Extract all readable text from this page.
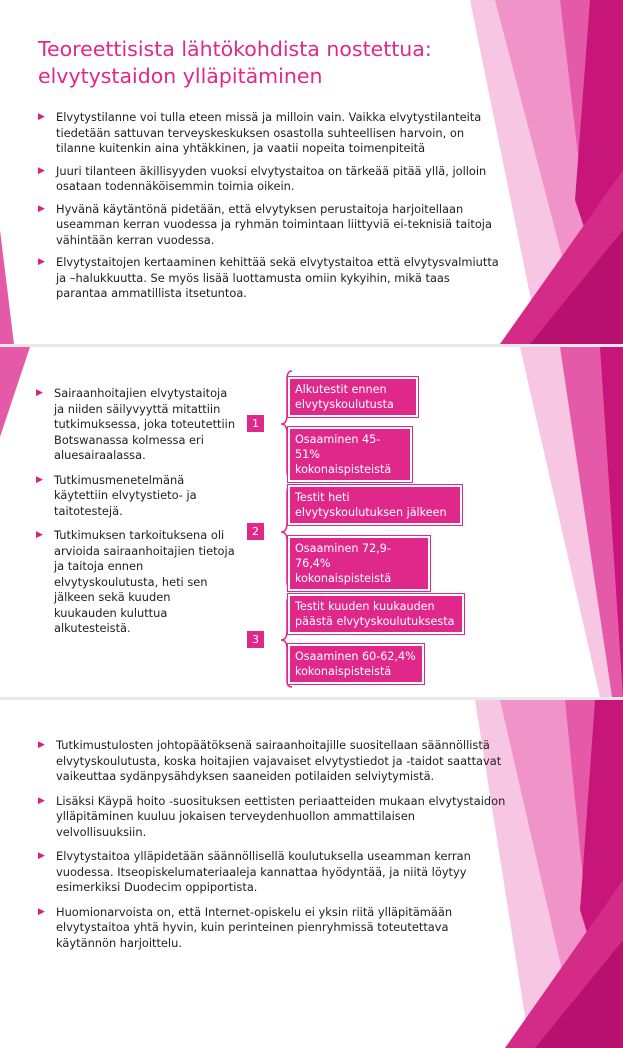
Teoreettisista lähtökohdista nostettua: elvytystaidon ylläpitäminen
▶ Elvytystilanne voi tulla eteen missä ja milloin vain. Vaikka elvytystilanteita tiedetään sattuvan terveyskeskuksen osastolla suhteellisen harvoin, on tilanne kuitenkin aina yhtäkkinen, ja vaatii nopeita toimenpiteitä
▶ Juuri tilanteen äkillisyyden vuoksi elvytystaitoa on tärkeää pitää yllä, jolloin osataan todennäköisemmin toimia oikein.
▶ Hyvänä käytäntönä pidetään, että elvytyksen perustaitoja harjoitellaan useamman kerran vuodessa ja ryhmän toimintaan liittyviä ei-teknisiä taitoja vähintään kerran vuodessa.
▶ Elvytystaitojen kertaaminen kehittää sekä elvytystaitoa että elvytysvalmiutta ja –halukkuutta. Se myös lisää luottamusta omiin kykyihin, mikä taas parantaa ammatillista itsetuntoa.
▶ Sairaanhoitajien elvytystaitoja ja niiden säilyvyyttä mitattiin tutkimuksessa, joka toteutettiin Botswanassa kolmessa eri aluesairaalassa.
▶ Tutkimusmenetelmänä käytettiin elvytystieto- ja taitotestejä.
▶ Tutkimuksen tarkoituksena oli arvioida sairaanhoitajien tietoja ja taitoja ennen elvytyskoulutusta, heti sen jälkeen sekä kuuden kuukauden kuluttua alkutesteistä.
1
2
3
Alkutestit ennen elvytyskoulutusta
Osaaminen 45-51% kokonaispisteistä
Testit heti elvytyskoulutuksen jälkeen
Osaaminen 72,9-76,4% kokonaispisteistä
Testit kuuden kuukauden päästä elvytyskoulutuksesta
Osaaminen 60-62,4% kokonaispisteistä
▶ Tutkimustulosten johtopäätöksenä sairaanhoitajille suositellaan säännöllistä elvytyskoulutusta, koska hoitajien vajavaiset elvytystiedot ja -taidot saattavat vaikeuttaa sydänpysähdyksen saaneiden potilaiden selviytymistä.
▶ Lisäksi Käypä hoito -suosituksen eettisten periaatteiden mukaan elvytystaidon ylläpitäminen kuuluu jokaisen terveydenhuollon ammattilaisen velvollisuuksiin.
▶ Elvytystaitoa ylläpidetään säännöllisellä koulutuksella useamman kerran vuodessa. Itseopiskelumateriaaleja kannattaa hyödyntää, ja niitä löytyy esimerkiksi Duodecim oppiportista.
▶ Huomionarvoista on, että Internet-opiskelu ei yksin riitä ylläpitämään elvytystaitoa yhtä hyvin, kuin perinteinen pienryhmissä toteutettava käytännön harjoittelu.
